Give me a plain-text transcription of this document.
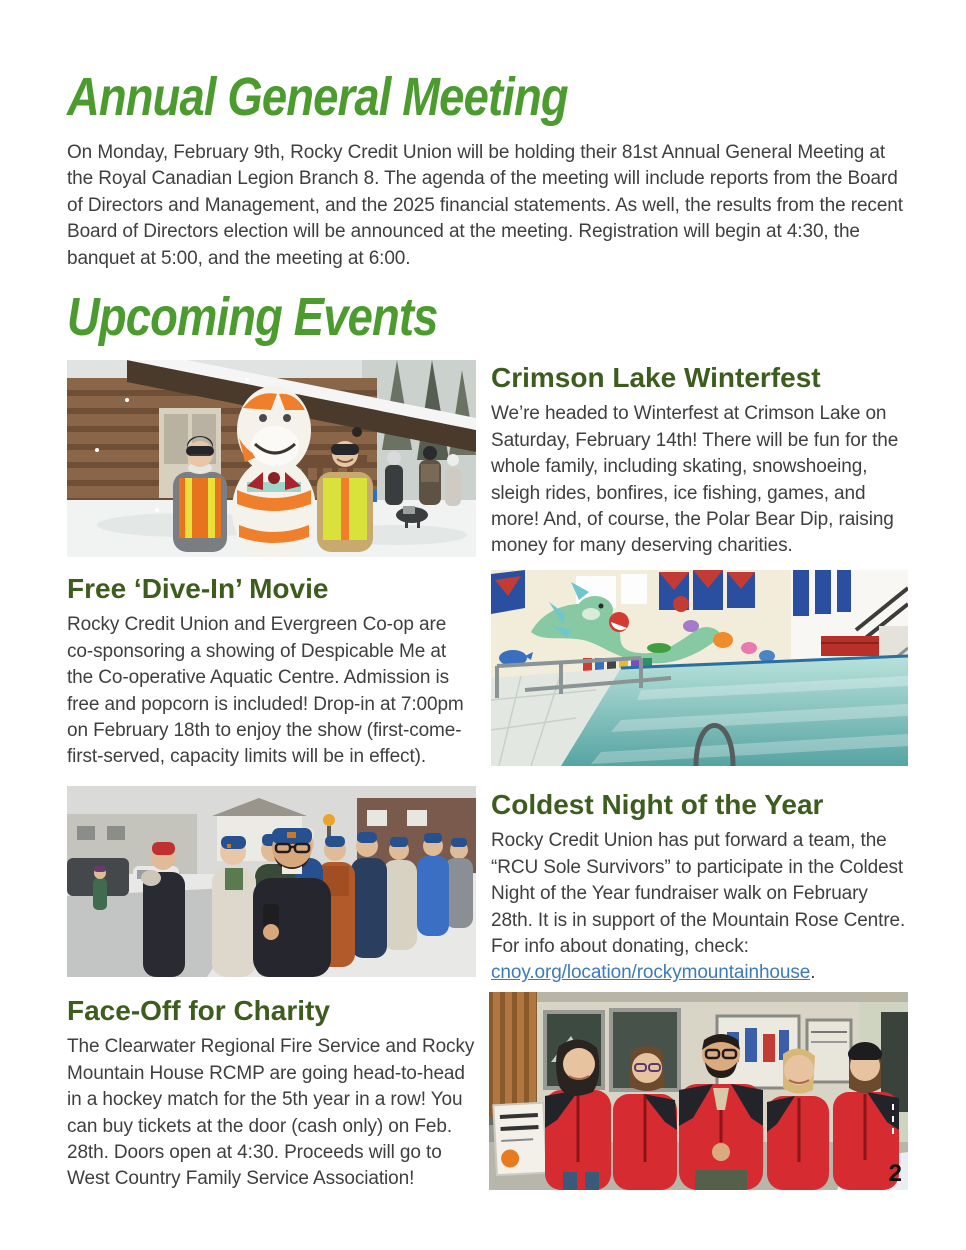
Annual General Meeting

On Monday, February 9th, Rocky Credit Union will be holding their 81st Annual General Meeting at the Royal Canadian Legion Branch 8. The agenda of the meeting will include reports from the Board of Directors and Management, and the 2025 financial statements. As well, the results from the recent Board of Directors election will be announced at the meeting. Registration will begin at 4:30, the banquet at 5:00, and the meeting at 6:00.

Upcoming Events
Crimson Lake Winterfest

We’re headed to Winterfest at Crimson Lake on Saturday, February 14th! There will be fun for the whole family, including skating, snowshoeing, sleigh rides, bonfires, ice fishing, games, and more! And, of course, the Polar Bear Dip, raising money for many deserving charities.

Free ‘Dive-In’ Movie

Rocky Credit Union and Evergreen Co-op are co-sponsoring a showing of Despicable Me at the Co-operative Aquatic Centre. Admission is free and popcorn is included! Drop-in at 7:00pm on February 18th to enjoy the show (first-come-first-served, capacity limits will be in effect).

Coldest Night of the Year

Rocky Credit Union has put forward a team, the “RCU Sole Survivors” to participate in the Coldest Night of the Year fundraiser walk on February 28th. It is in support of the Mountain Rose Centre. For info about donating, check: cnoy.org/location/rockymountainhouse.

Face-Off for Charity

The Clearwater Regional Fire Service and Rocky Mountain House RCMP are going head-to-head in a hockey match for the 5th year in a row! You can buy tickets at the door (cash only) on Feb. 28th. Doors open at 4:30. Proceeds will go to West Country Family Service Association!	2
